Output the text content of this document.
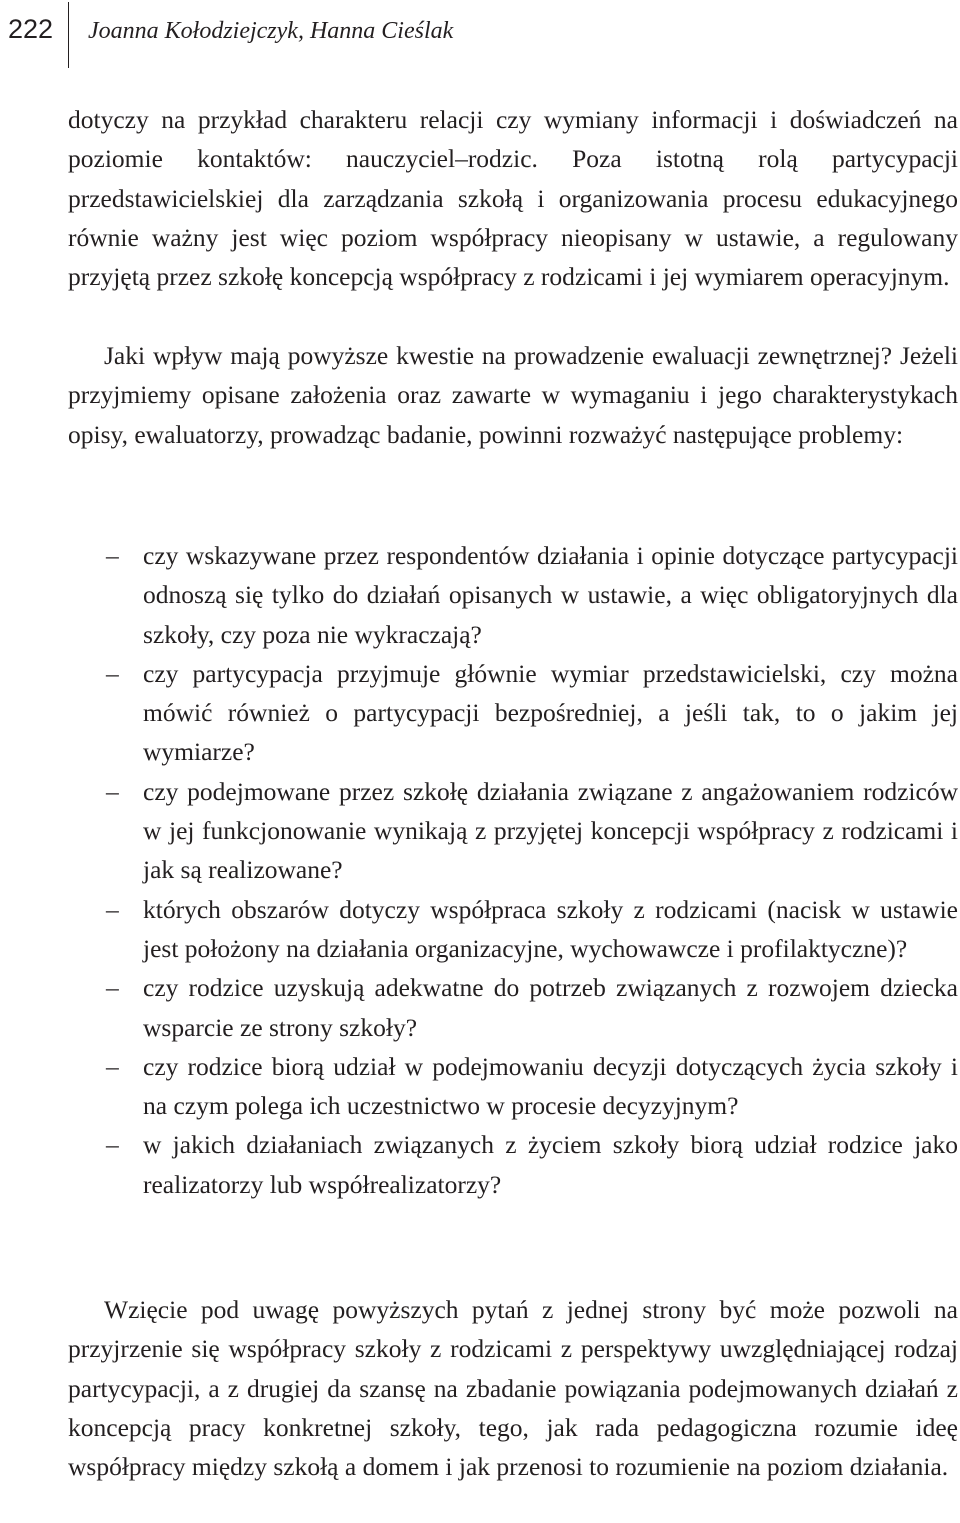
222 Joanna Kołodziejczyk, Hanna Cieślak

dotyczy na przykład charakteru relacji czy wymiany informacji i doświadczeń na poziomie kontaktów: nauczyciel–rodzic. Poza istotną rolą partycypacji przedstawicielskiej dla zarządzania szkołą i organizowania procesu edukacyjnego równie ważny jest więc poziom współpracy nieopisany w ustawie, a regulowany przyjętą przez szkołę koncepcją współpracy z rodzicami i jej wymiarem operacyjnym.

Jaki wpływ mają powyższe kwestie na prowadzenie ewaluacji zewnętrznej? Jeżeli przyjmiemy opisane założenia oraz zawarte w wymaganiu i jego charakterystykach opisy, ewaluatorzy, prowadząc badanie, powinni rozważyć następujące problemy:

– czy wskazywane przez respondentów działania i opinie dotyczące partycypacji odnoszą się tylko do działań opisanych w ustawie, a więc obligatoryjnych dla szkoły, czy poza nie wykraczają?
– czy partycypacja przyjmuje głównie wymiar przedstawicielski, czy można mówić również o partycypacji bezpośredniej, a jeśli tak, to o jakim jej wymiarze?
– czy podejmowane przez szkołę działania związane z angażowaniem rodziców w jej funkcjonowanie wynikają z przyjętej koncepcji współpracy z rodzicami i jak są realizowane?
– których obszarów dotyczy współpraca szkoły z rodzicami (nacisk w ustawie jest położony na działania organizacyjne, wychowawcze i profilaktyczne)?
– czy rodzice uzyskują adekwatne do potrzeb związanych z rozwojem dziecka wsparcie ze strony szkoły?
– czy rodzice biorą udział w podejmowaniu decyzji dotyczących życia szkoły i na czym polega ich uczestnictwo w procesie decyzyjnym?
– w jakich działaniach związanych z życiem szkoły biorą udział rodzice jako realizatorzy lub współrealizatorzy?

Wzięcie pod uwagę powyższych pytań z jednej strony być może pozwoli na przyjrzenie się współpracy szkoły z rodzicami z perspektywy uwzględniającej rodzaj partycypacji, a z drugiej da szansę na zbadanie powiązania podejmowanych działań z koncepcją pracy konkretnej szkoły, tego, jak rada pedagogiczna rozumie ideę współpracy między szkołą a domem i jak przenosi to rozumienie na poziom działania.
